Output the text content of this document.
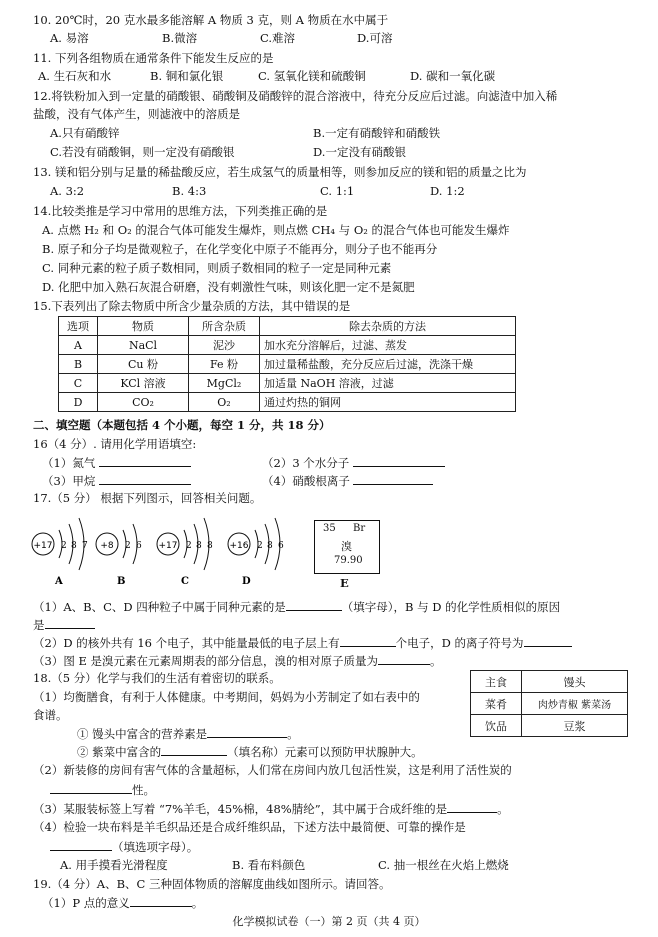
10. 20℃时，20 克水最多能溶解 A 物质 3 克，则 A 物质在水中属于
A. 易溶	B.微溶	C.难溶	D.可溶
11. 下列各组物质在通常条件下能发生反应的是
A. 生石灰和水	B. 铜和氯化银	C. 氢氧化镁和硫酸铜	D. 碳和一氧化碳
12.将铁粉加入到一定量的硝酸银、硝酸铜及硝酸锌的混合溶液中，待充分反应后过滤。向滤渣中加入稀
盐酸，没有气体产生，则滤液中的溶质是
A.只有硝酸锌	B.一定有硝酸锌和硝酸铁
C.若没有硝酸铜，则一定没有硝酸银	D.一定没有硝酸银
13. 镁和铝分别与足量的稀盐酸反应，若生成氢气的质量相等，则参加反应的镁和铝的质量之比为
A. 3:2	B. 4:3	C. 1:1	D. 1:2
14.比较类推是学习中常用的思维方法，下列类推正确的是
A. 点燃 H₂ 和 O₂ 的混合气体可能发生爆炸，则点燃 CH₄ 与 O₂ 的混合气体也可能发生爆炸
B. 原子和分子均是微观粒子，在化学变化中原子不能再分，则分子也不能再分
C. 同种元素的粒子质子数相同，则质子数相同的粒子一定是同种元素
D. 化肥中加入熟石灰混合研磨，没有刺激性气味，则该化肥一定不是氮肥
15.下表列出了除去物质中所含少量杂质的方法，其中错误的是
选项	物质	所含杂质	除去杂质的方法
A	NaCl	泥沙	加水充分溶解后，过滤、蒸发
B	Cu 粉	Fe 粉	加过量稀盐酸，充分反应后过滤，洗涤干燥
C	KCl 溶液	MgCl₂	加适量 NaOH 溶液，过滤
D	CO₂	O₂	通过灼热的铜网
二、填空题（本题包括 4 个小题，每空 1 分，共 18 分）
16（4 分）. 请用化学用语填空:
（1）氮气	（2）3 个水分子
（3）甲烷	（4）硝酸根离子
17.（5 分） 根据下列图示，回答相关问题。
+17 2 8 7
A
+8 2 6
B
+17 2 8 8
C
+16 2 8 6
D
35 Br
溴
79.90
E
（1）A、B、C、D 四种粒子中属于同种元素的是	（填字母），B 与 D 的化学性质相似的原因
是
（2）D 的核外共有 16 个电子，其中能量最低的电子层上有	个电子，D 的离子符号为
（3）图 E 是溴元素在元素周期表的部分信息，溴的相对原子质量为	。
18.（5 分）化学与我们的生活有着密切的联系。
（1）均衡膳食，有利于人体健康。中考期间，妈妈为小芳制定了如右表中的
食谱。
主食	馒头
菜肴	肉炒青椒 紫菜汤
饮品	豆浆
① 馒头中富含的营养素是	。
② 紫菜中富含的	（填名称）元素可以预防甲状腺肿大。
（2）新装修的房间有害气体的含量超标，人们常在房间内放几包活性炭，这是利用了活性炭的
性。
（3）某服装标签上写着 “7%羊毛，45%棉，48%腈纶”，其中属于合成纤维的是	。
（4）检验一块布料是羊毛织品还是合成纤维织品，下述方法中最简便、可靠的操作是
（填选项字母）。
A. 用手摸看光滑程度	B. 看布料颜色	C. 抽一根丝在火焰上燃烧
19.（4 分）A、B、C 三种固体物质的溶解度曲线如图所示。请回答。
（1）P 点的意义	。
化学模拟试卷（一）第 2 页（共 4 页）
